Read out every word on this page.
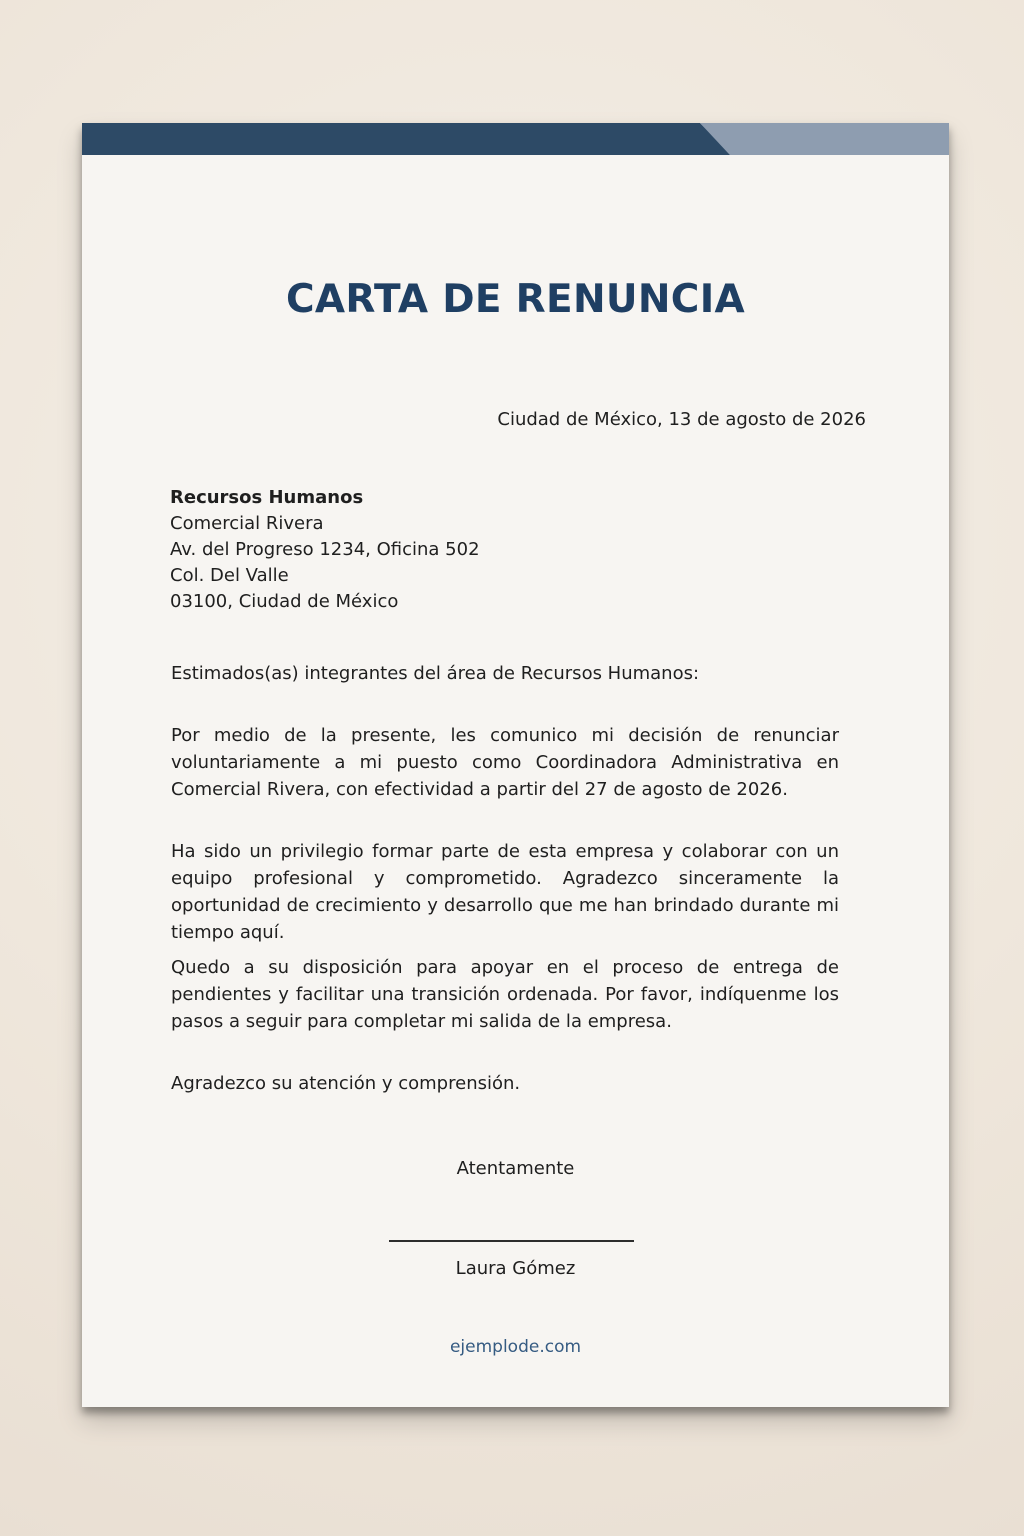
CARTA DE RENUNCIA
Ciudad de México, 13 de agosto de 2026
Recursos Humanos
Comercial Rivera
Av. del Progreso 1234, Oficina 502
Col. Del Valle
03100, Ciudad de México
Estimados(as) integrantes del área de Recursos Humanos:
Por medio de la presente, les comunico mi decisión de renunciar voluntariamente a mi puesto como Coordinadora Administrativa en Comercial Rivera, con efectividad a partir del 27 de agosto de 2026.
Ha sido un privilegio formar parte de esta empresa y colaborar con un equipo profesional y comprometido. Agradezco sinceramente la oportunidad de crecimiento y desarrollo que me han brindado durante mi tiempo aquí.
Quedo a su disposición para apoyar en el proceso de entrega de pendientes y facilitar una transición ordenada. Por favor, indíquenme los pasos a seguir para completar mi salida de la empresa.
Agradezco su atención y comprensión.
Atentamente
Laura Gómez
ejemplode.com
